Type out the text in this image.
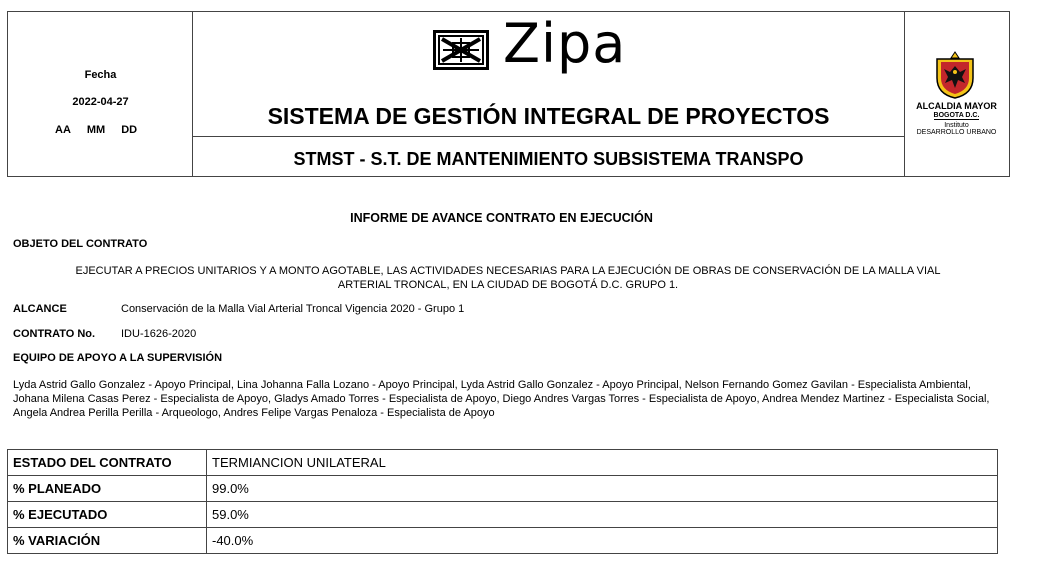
Fecha
2022-04-27
AA MM DD
Zipa
SISTEMA DE GESTIÓN INTEGRAL DE PROYECTOS
STMST - S.T. DE MANTENIMIENTO SUBSISTEMA TRANSPO
ALCALDIA MAYOR
BOGOTA D.C.
Instituto
DESARROLLO URBANO
INFORME DE AVANCE CONTRATO EN EJECUCIÓN
OBJETO DEL CONTRATO
EJECUTAR A PRECIOS UNITARIOS Y A MONTO AGOTABLE, LAS ACTIVIDADES NECESARIAS PARA LA EJECUCIÓN DE OBRAS DE CONSERVACIÓN DE LA MALLA VIAL
ARTERIAL TRONCAL, EN LA CIUDAD DE BOGOTÁ D.C. GRUPO 1.
ALCANCE	Conservación de la Malla Vial Arterial Troncal Vigencia 2020 - Grupo 1
CONTRATO No. IDU-1626-2020
EQUIPO DE APOYO A LA SUPERVISIÓN
Lyda Astrid Gallo Gonzalez - Apoyo Principal, Lina Johanna Falla Lozano - Apoyo Principal, Lyda Astrid Gallo Gonzalez - Apoyo Principal, Nelson Fernando Gomez Gavilan - Especialista Ambiental, Johana Milena Casas Perez - Especialista de Apoyo, Gladys Amado Torres - Especialista de Apoyo, Diego Andres Vargas Torres - Especialista de Apoyo, Andrea Mendez Martinez - Especialista Social, Angela Andrea Perilla Perilla - Arqueologo, Andres Felipe Vargas Penaloza - Especialista de Apoyo
ESTADO DEL CONTRATO	TERMIANCION UNILATERAL
% PLANEADO	99.0%
% EJECUTADO	59.0%
% VARIACIÓN	-40.0%
